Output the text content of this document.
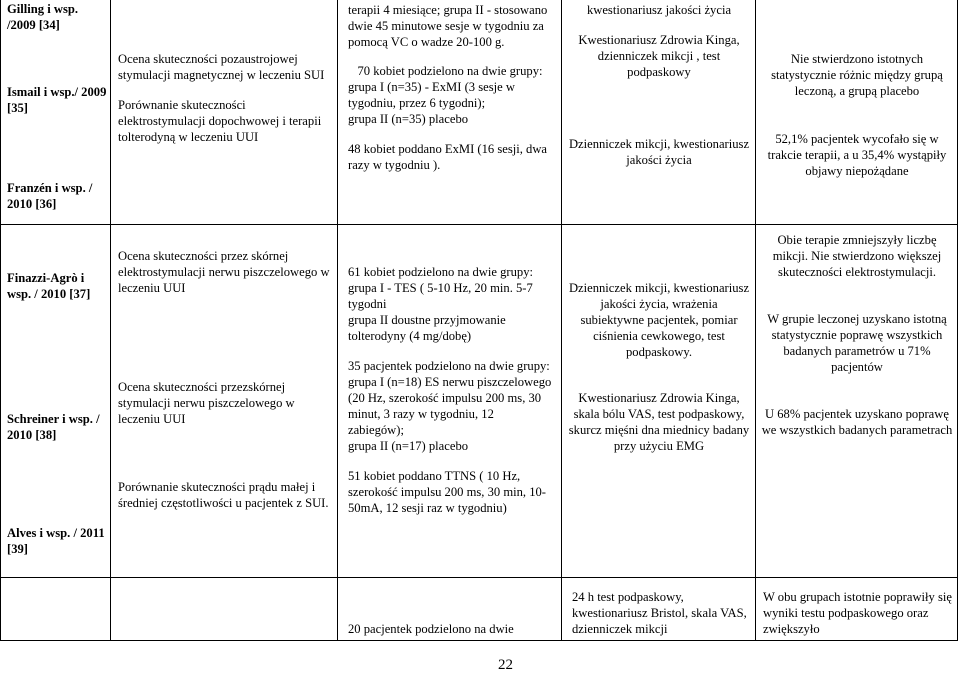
Gilling i wsp. /2009 [34]

Ismail i wsp./ 2009 [35]

Franzén i wsp. / 2010 [36]

Ocena skuteczności pozaustrojowej stymulacji magnetycznej w leczeniu SUI

Porównanie skuteczności elektrostymulacji dopochwowej i terapii tolterodyną w leczeniu UUI

terapii 4 miesiące; grupa II - stosowano dwie 45 minutowe sesje w tygodniu za pomocą VC o wadze 20-100 g.

70 kobiet podzielono na dwie grupy:

grupa I (n=35) - ExMI (3 sesje w tygodniu, przez 6 tygodni);

grupa II (n=35) placebo

48 kobiet poddano ExMI (16 sesji, dwa razy w tygodniu ).

kwestionariusz jakości życia

Kwestionariusz Zdrowia Kinga, dzienniczek mikcji , test podpaskowy

Dzienniczek mikcji, kwestionariusz jakości życia

Nie stwierdzono istotnych statystycznie różnic między grupą leczoną, a grupą placebo

52,1% pacjentek wycofało się w trakcie terapii, a u 35,4% wystąpiły objawy niepożądane

Finazzi-Agrò i wsp. / 2010 [37]

Schreiner i wsp. / 2010 [38]

Alves i wsp. / 2011 [39]

Ocena skuteczności przez skórnej elektrostymulacji nerwu piszczelowego w leczeniu UUI

Ocena skuteczności przezskórnej stymulacji nerwu piszczelowego w leczeniu UUI

Porównanie skuteczności prądu małej i średniej częstotliwości u pacjentek z SUI.

61 kobiet podzielono na dwie grupy:

grupa I - TES ( 5-10 Hz, 20 min. 5-7 tygodni

grupa II doustne przyjmowanie tolterodyny (4 mg/dobę)

35 pacjentek podzielono na dwie grupy:

grupa I (n=18) ES nerwu piszczelowego (20 Hz, szerokość impulsu 200 ms, 30 minut, 3 razy w tygodniu, 12 zabiegów);

grupa II (n=17) placebo

51 kobiet poddano TTNS ( 10 Hz, szerokość impulsu 200 ms, 30 min, 10-50mA, 12 sesji raz w tygodniu)

Dzienniczek mikcji, kwestionariusz jakości życia, wrażenia subiektywne pacjentek, pomiar ciśnienia cewkowego, test podpaskowy.

Kwestionariusz Zdrowia Kinga, skala bólu VAS, test podpaskowy, skurcz mięśni dna miednicy badany przy użyciu EMG

Obie terapie zmniejszyły liczbę mikcji. Nie stwierdzono większej skuteczności elektrostymulacji.

W grupie leczonej uzyskano istotną statystycznie poprawę wszystkich badanych parametrów u 71% pacjentów

U 68% pacjentek uzyskano poprawę we wszystkich badanych parametrach

20 pacjentek podzielono na dwie

24 h test podpaskowy, kwestionariusz Bristol, skala VAS, dzienniczek mikcji

W obu grupach istotnie poprawiły się wyniki testu podpaskowego oraz zwiększyło

22
